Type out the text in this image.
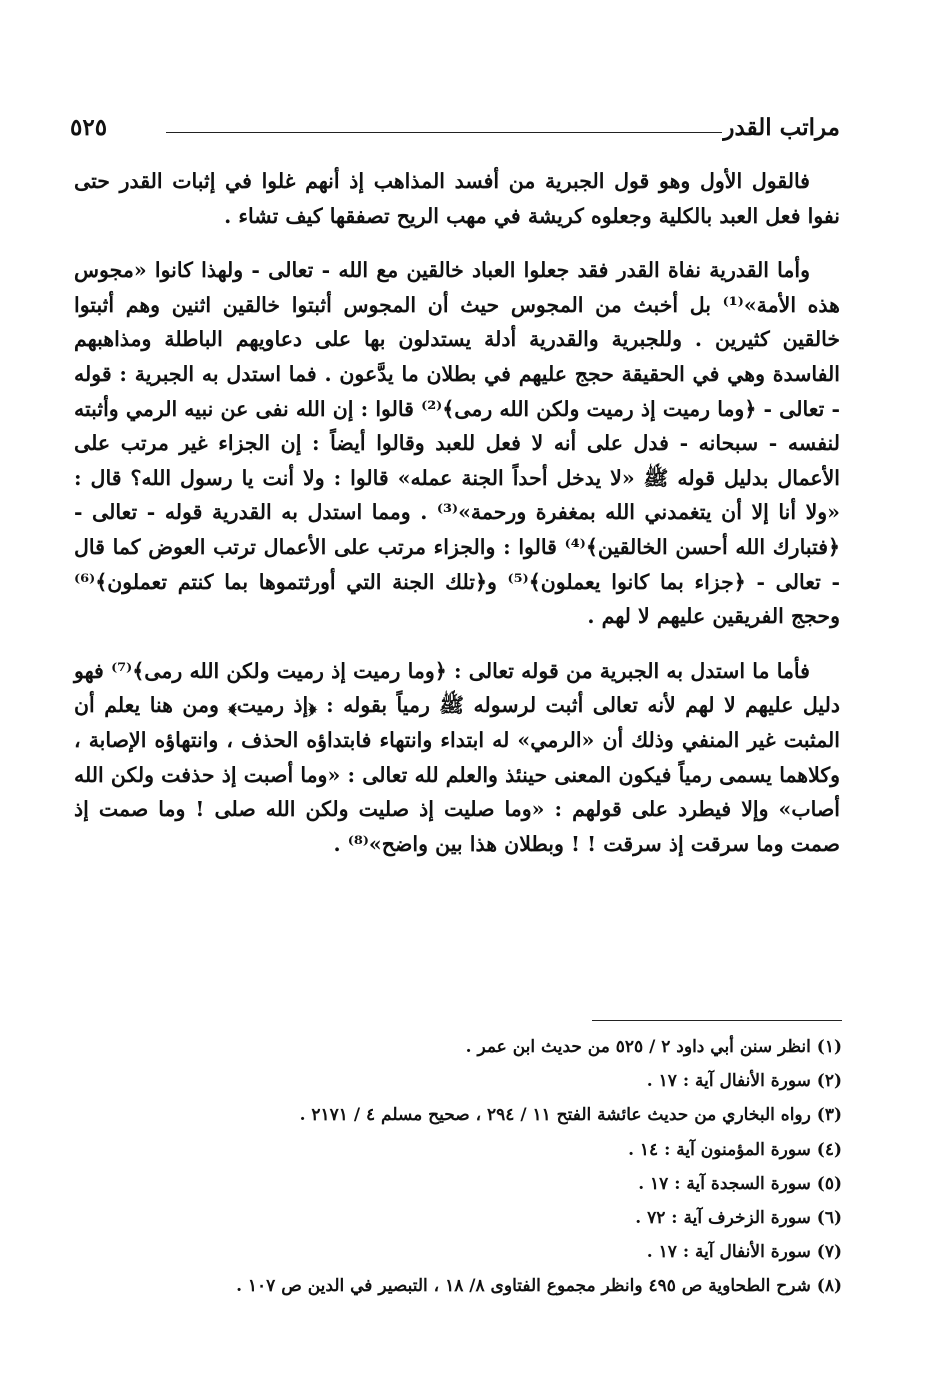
مراتب القدر
٥٢٥

فالقول الأول وهو قول الجبرية من أفسد المذاهب إذ أنهم غلوا في إثبات القدر حتى نفوا فعل العبد بالكلية وجعلوه كريشة في مهب الريح تصفقها كيف تشاء .

وأما القدرية نفاة القدر فقد جعلوا العباد خالقين مع الله - تعالى - ولهذا كانوا «مجوس هذه الأمة»⁽¹⁾ بل أخبث من المجوس حيث أن المجوس أثبتوا خالقين اثنين وهم أثبتوا خالقين كثيرين . وللجبرية والقدرية أدلة يستدلون بها على دعاويهم الباطلة ومذاهبهم الفاسدة وهي في الحقيقة حجج عليهم في بطلان ما يدَّعون . فما استدل به الجبرية : قوله - تعالى - ﴿وما رميت إذ رميت ولكن الله رمى﴾⁽²⁾ قالوا : إن الله نفى عن نبيه الرمي وأثبته لنفسه - سبحانه - فدل على أنه لا فعل للعبد وقالوا أيضاً : إن الجزاء غير مرتب على الأعمال بدليل قوله ﷺ «لا يدخل أحداً الجنة عمله» قالوا : ولا أنت يا رسول الله؟ قال : «ولا أنا إلا أن يتغمدني الله بمغفرة ورحمة»⁽³⁾ . ومما استدل به القدرية قوله - تعالى - ﴿فتبارك الله أحسن الخالقين﴾⁽⁴⁾ قالوا : والجزاء مرتب على الأعمال ترتب العوض كما قال - تعالى - ﴿جزاء بما كانوا يعملون﴾⁽⁵⁾ و﴿تلك الجنة التي أورثتموها بما كنتم تعملون﴾⁽⁶⁾ وحجج الفريقين عليهم لا لهم .

فأما ما استدل به الجبرية من قوله تعالى : ﴿وما رميت إذ رميت ولكن الله رمى﴾⁽⁷⁾ فهو دليل عليهم لا لهم لأنه تعالى أثبت لرسوله ﷺ رمياً بقوله : ﴿إذ رميت﴾ ومن هنا يعلم أن المثبت غير المنفي وذلك أن «الرمي» له ابتداء وانتهاء فابتداؤه الحذف ، وانتهاؤه الإصابة ، وكلاهما يسمى رمياً فيكون المعنى حينئذ والعلم لله تعالى : «وما أصبت إذ حذفت ولكن الله أصاب» وإلا فيطرد على قولهم : «وما صليت إذ صليت ولكن الله صلى ! وما صمت إذ صمت وما سرقت إذ سرقت ! ! وبطلان هذا بين واضح»⁽⁸⁾ .

(١) انظر سنن أبي داود ٢ / ٥٢٥ من حديث ابن عمر .
(٢) سورة الأنفال آية : ١٧ .
(٣) رواه البخاري من حديث عائشة الفتح ١١ / ٢٩٤ ، صحيح مسلم ٤ / ٢١٧١ .
(٤) سورة المؤمنون آية : ١٤ .
(٥) سورة السجدة آية : ١٧ .
(٦) سورة الزخرف آية : ٧٢ .
(٧) سورة الأنفال آية : ١٧ .
(٨) شرح الطحاوية ص ٤٩٥ وانظر مجموع الفتاوى ٨/ ١٨ ، التبصير في الدين ص ١٠٧ .
